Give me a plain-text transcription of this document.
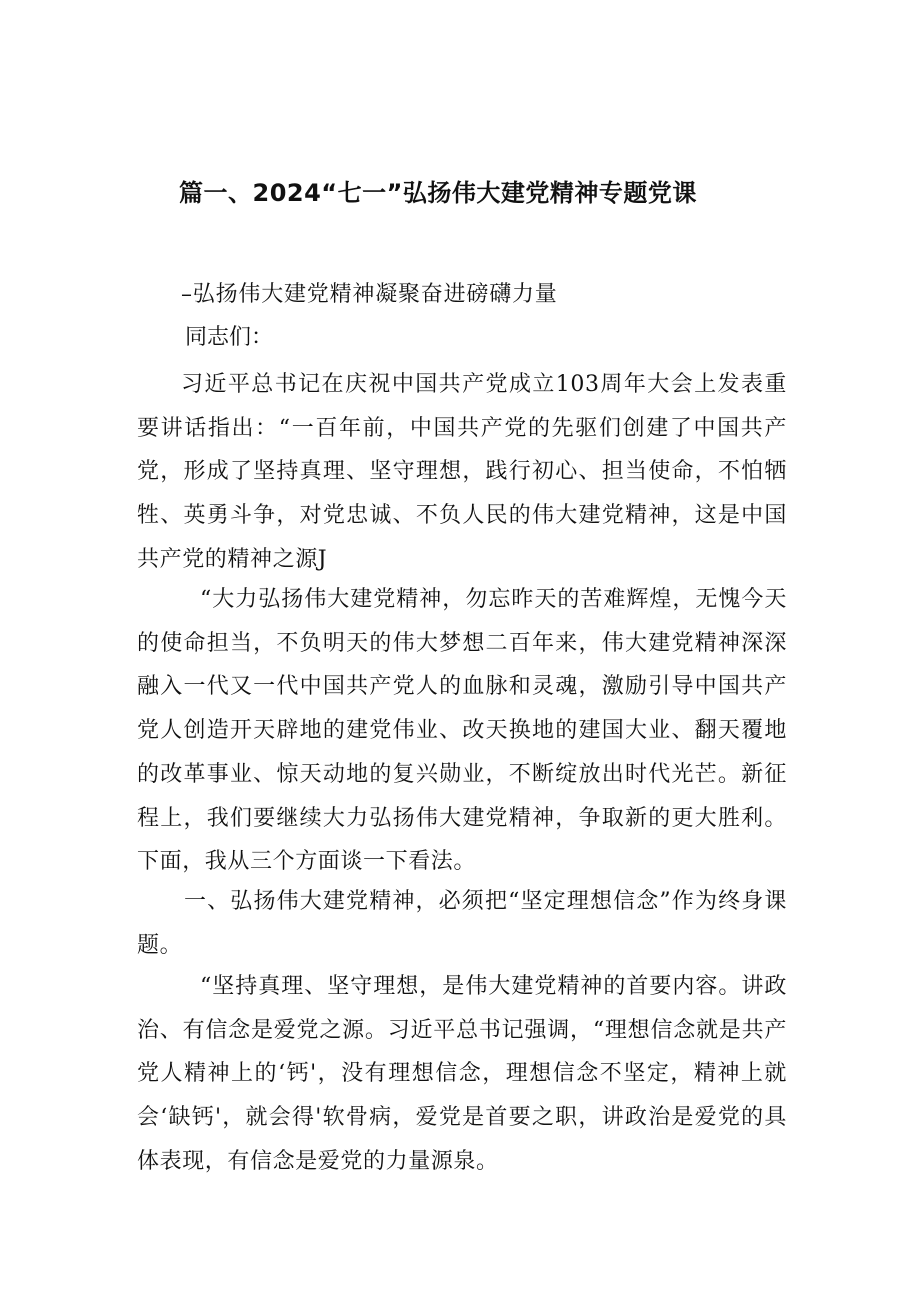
篇一、2024“七一”弘扬伟大建党精神专题党课
–弘扬伟大建党精神凝聚奋进磅礴力量
同志们：

习近平总书记在庆祝中国共产党成立103周年大会上发表重要讲话指出：“一百年前，中国共产党的先驱们创建了中国共产党，形成了坚持真理、坚守理想，践行初心、担当使命，不怕牺牲、英勇斗争，对党忠诚、不负人民的伟大建党精神，这是中国共产党的精神之源J

“大力弘扬伟大建党精神，勿忘昨天的苦难辉煌，无愧今天的使命担当，不负明天的伟大梦想二百年来，伟大建党精神深深融入一代又一代中国共产党人的血脉和灵魂，激励引导中国共产党人创造开天辟地的建党伟业、改天换地的建国大业、翻天覆地的改革事业、惊天动地的复兴勋业，不断绽放出时代光芒。新征程上，我们要继续大力弘扬伟大建党精神，争取新的更大胜利。下面，我从三个方面谈一下看法。

一、弘扬伟大建党精神，必须把“坚定理想信念”作为终身课题。

“坚持真理、坚守理想，是伟大建党精神的首要内容。讲政治、有信念是爱党之源。习近平总书记强调，“理想信念就是共产党人精神上的‘钙'，没有理想信念，理想信念不坚定，精神上就会‘缺钙'，就会得'软骨病，爱党是首要之职，讲政治是爱党的具体表现，有信念是爱党的力量源泉。
